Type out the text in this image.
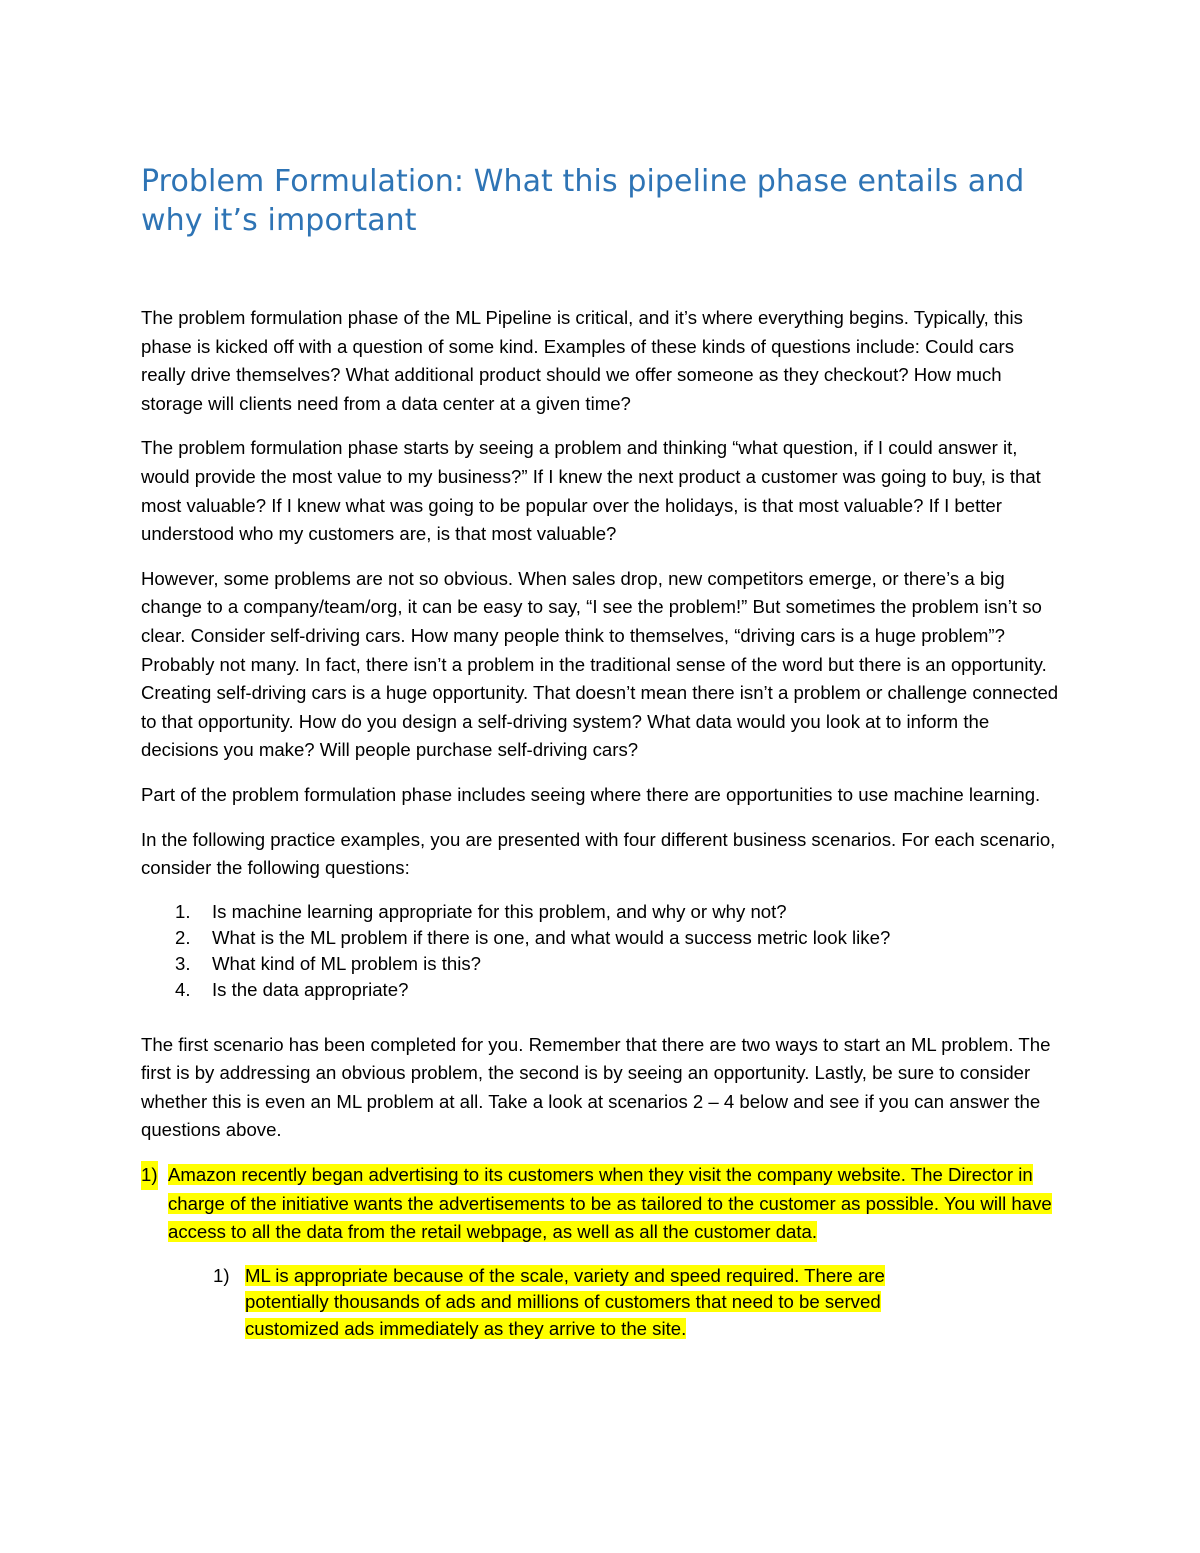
Problem Formulation: What this pipeline phase entails and why it’s important

The problem formulation phase of the ML Pipeline is critical, and it’s where everything begins. Typically, this phase is kicked off with a question of some kind. Examples of these kinds of questions include: Could cars really drive themselves? What additional product should we offer someone as they checkout? How much storage will clients need from a data center at a given time?

The problem formulation phase starts by seeing a problem and thinking “what question, if I could answer it, would provide the most value to my business?” If I knew the next product a customer was going to buy, is that most valuable? If I knew what was going to be popular over the holidays, is that most valuable? If I better understood who my customers are, is that most valuable?

However, some problems are not so obvious. When sales drop, new competitors emerge, or there’s a big change to a company/team/org, it can be easy to say, “I see the problem!” But sometimes the problem isn’t so clear. Consider self-driving cars. How many people think to themselves, “driving cars is a huge problem”? Probably not many. In fact, there isn’t a problem in the traditional sense of the word but there is an opportunity. Creating self-driving cars is a huge opportunity. That doesn’t mean there isn’t a problem or challenge connected to that opportunity. How do you design a self-driving system? What data would you look at to inform the decisions you make? Will people purchase self-driving cars?

Part of the problem formulation phase includes seeing where there are opportunities to use machine learning.

In the following practice examples, you are presented with four different business scenarios. For each scenario, consider the following questions:

1. Is machine learning appropriate for this problem, and why or why not?
2. What is the ML problem if there is one, and what would a success metric look like?
3. What kind of ML problem is this?
4. Is the data appropriate?

The first scenario has been completed for you. Remember that there are two ways to start an ML problem. The first is by addressing an obvious problem, the second is by seeing an opportunity. Lastly, be sure to consider whether this is even an ML problem at all. Take a look at scenarios 2 – 4 below and see if you can answer the questions above.

1) Amazon recently began advertising to its customers when they visit the company website. The Director in charge of the initiative wants the advertisements to be as tailored to the customer as possible. You will have access to all the data from the retail webpage, as well as all the customer data.
1) ML is appropriate because of the scale, variety and speed required. There are potentially thousands of ads and millions of customers that need to be served customized ads immediately as they arrive to the site.
